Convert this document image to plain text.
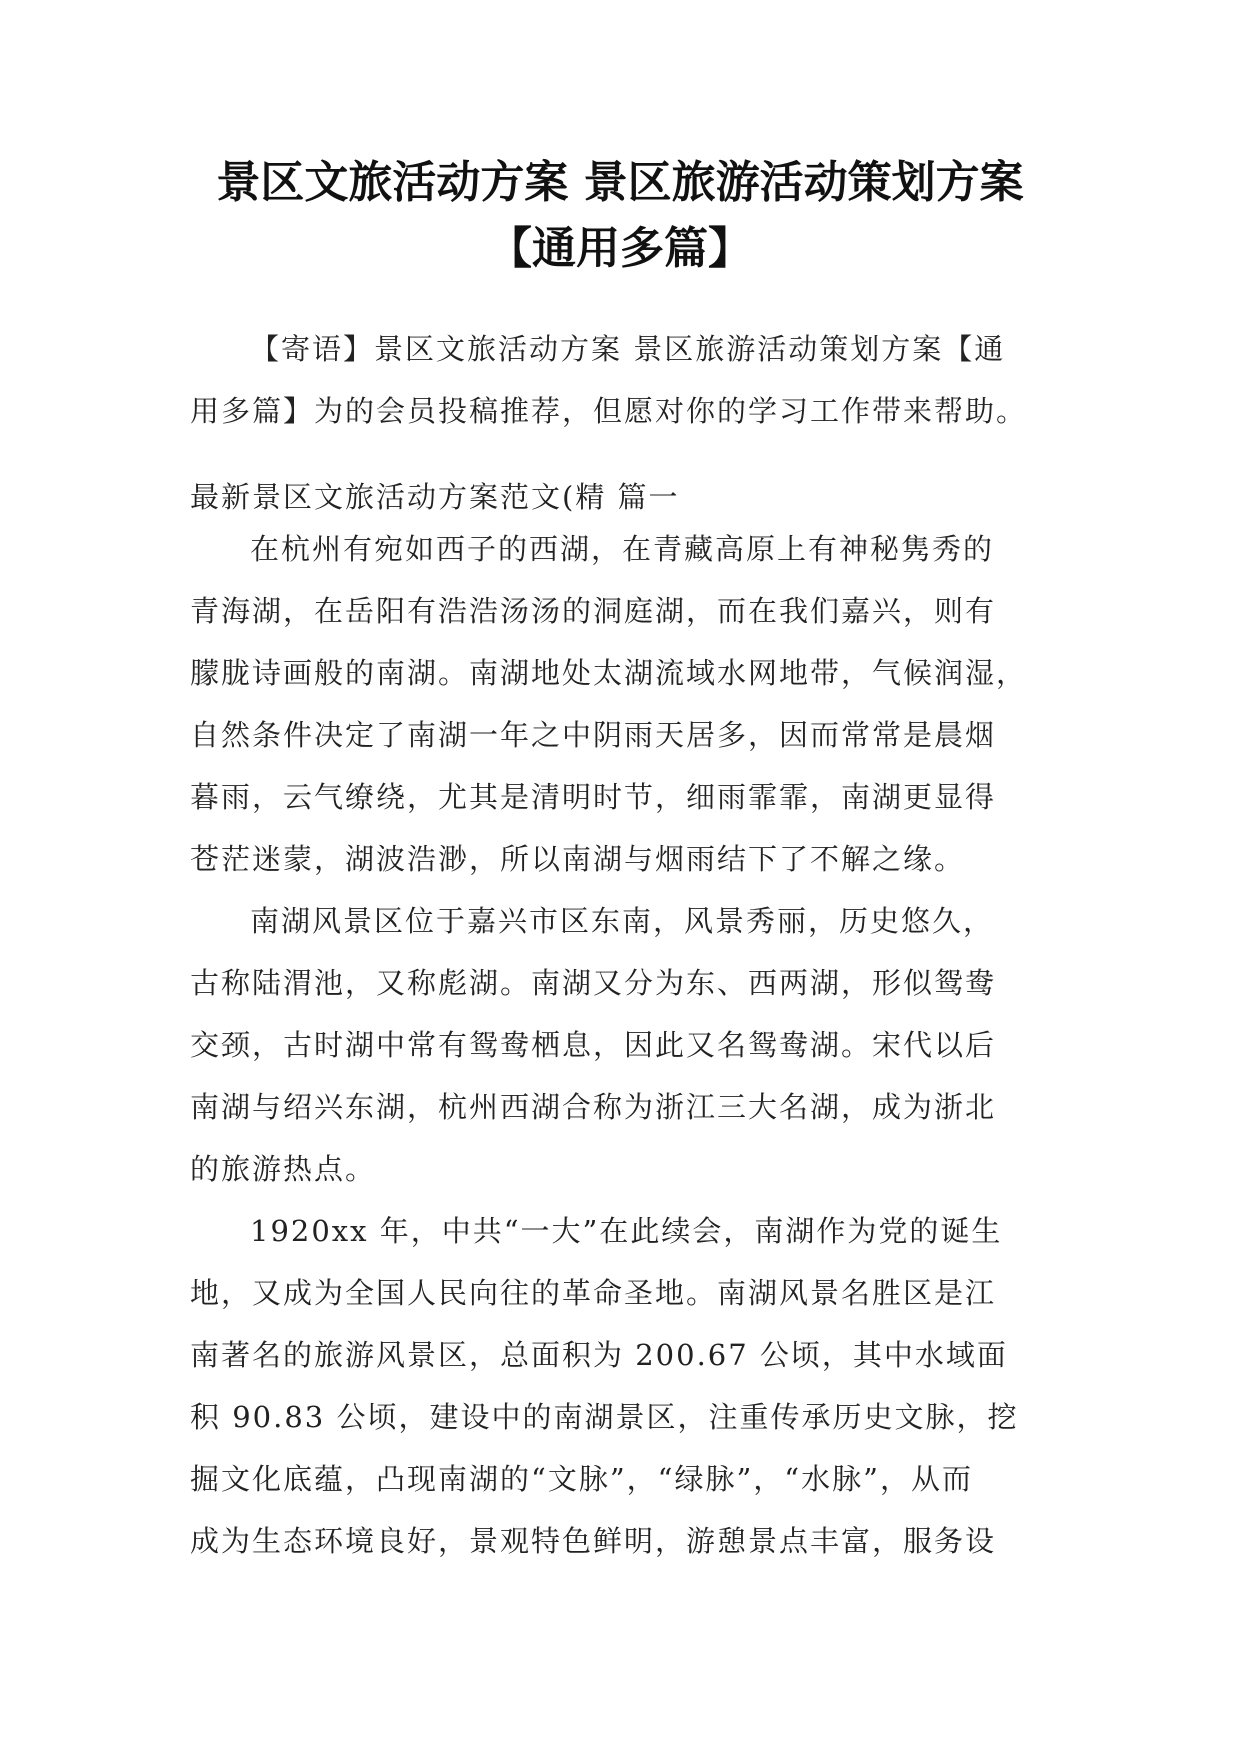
景区文旅活动方案 景区旅游活动策划方案
【通用多篇】
【寄语】景区文旅活动方案 景区旅游活动策划方案【通
用多篇】为的会员投稿推荐，但愿对你的学习工作带来帮助。
最新景区文旅活动方案范文(精 篇一
在杭州有宛如西子的西湖，在青藏高原上有神秘隽秀的
青海湖，在岳阳有浩浩汤汤的洞庭湖，而在我们嘉兴，则有
朦胧诗画般的南湖。南湖地处太湖流域水网地带，气候润湿，
自然条件决定了南湖一年之中阴雨天居多，因而常常是晨烟
暮雨，云气缭绕，尤其是清明时节，细雨霏霏，南湖更显得
苍茫迷蒙，湖波浩渺，所以南湖与烟雨结下了不解之缘。
南湖风景区位于嘉兴市区东南，风景秀丽，历史悠久，
古称陆渭池，又称彪湖。南湖又分为东、西两湖，形似鸳鸯
交颈，古时湖中常有鸳鸯栖息，因此又名鸳鸯湖。宋代以后
南湖与绍兴东湖，杭州西湖合称为浙江三大名湖，成为浙北
的旅游热点。
1920xx 年，中共“一大”在此续会，南湖作为党的诞生
地，又成为全国人民向往的革命圣地。南湖风景名胜区是江
南著名的旅游风景区，总面积为 200.67 公顷，其中水域面
积 90.83 公顷，建设中的南湖景区，注重传承历史文脉，挖
掘文化底蕴，凸现南湖的“文脉”，“绿脉”，“水脉”，从而
成为生态环境良好，景观特色鲜明，游憩景点丰富，服务设
